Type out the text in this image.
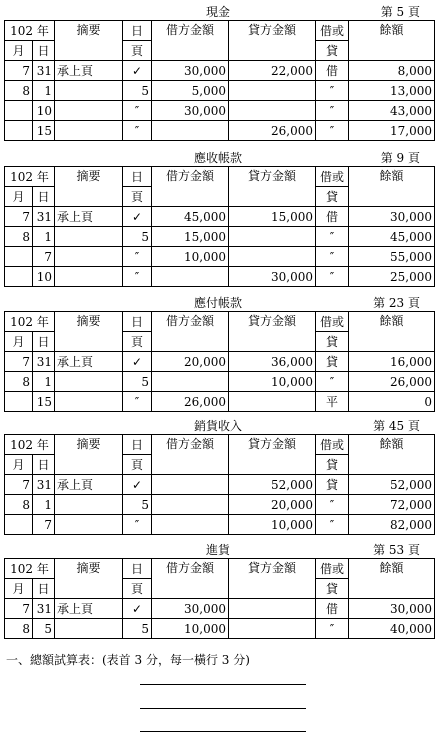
現金	第 5 頁
102 年		摘要	日	借方金額	貸方金額	借或	餘額
月	日		頁			貸	
7	31	承上頁	✓	30,000	22,000	借	8,000
8	1		5	5,000		″	13,000
	10		″	30,000		″	43,000
	15		″		26,000	″	17,000
應收帳款	第 9 頁
102 年		摘要	日	借方金額	貸方金額	借或	餘額
月	日		頁			貸	
7	31	承上頁	✓	45,000	15,000	借	30,000
8	1		5	15,000		″	45,000
	7		″	10,000		″	55,000
	10		″		30,000	″	25,000
應付帳款	第 23 頁
102 年		摘要	日	借方金額	貸方金額	借或	餘額
月	日		頁			貸	
7	31	承上頁	✓	20,000	36,000	貸	16,000
8	1		5		10,000	″	26,000
	15		″	26,000		平	0
銷貨收入	第 45 頁
102 年		摘要	日	借方金額	貸方金額	借或	餘額
月	日		頁			貸	
7	31	承上頁	✓		52,000	貸	52,000
8	1		5		20,000	″	72,000
	7		″		10,000	″	82,000
進貨	第 53 頁
102 年		摘要	日	借方金額	貸方金額	借或	餘額
月	日		頁			貸	
7	31	承上頁	✓	30,000		借	30,000
8	5		5	10,000		″	40,000
一、總額試算表：(表首 3 分，每一橫行 3 分)
